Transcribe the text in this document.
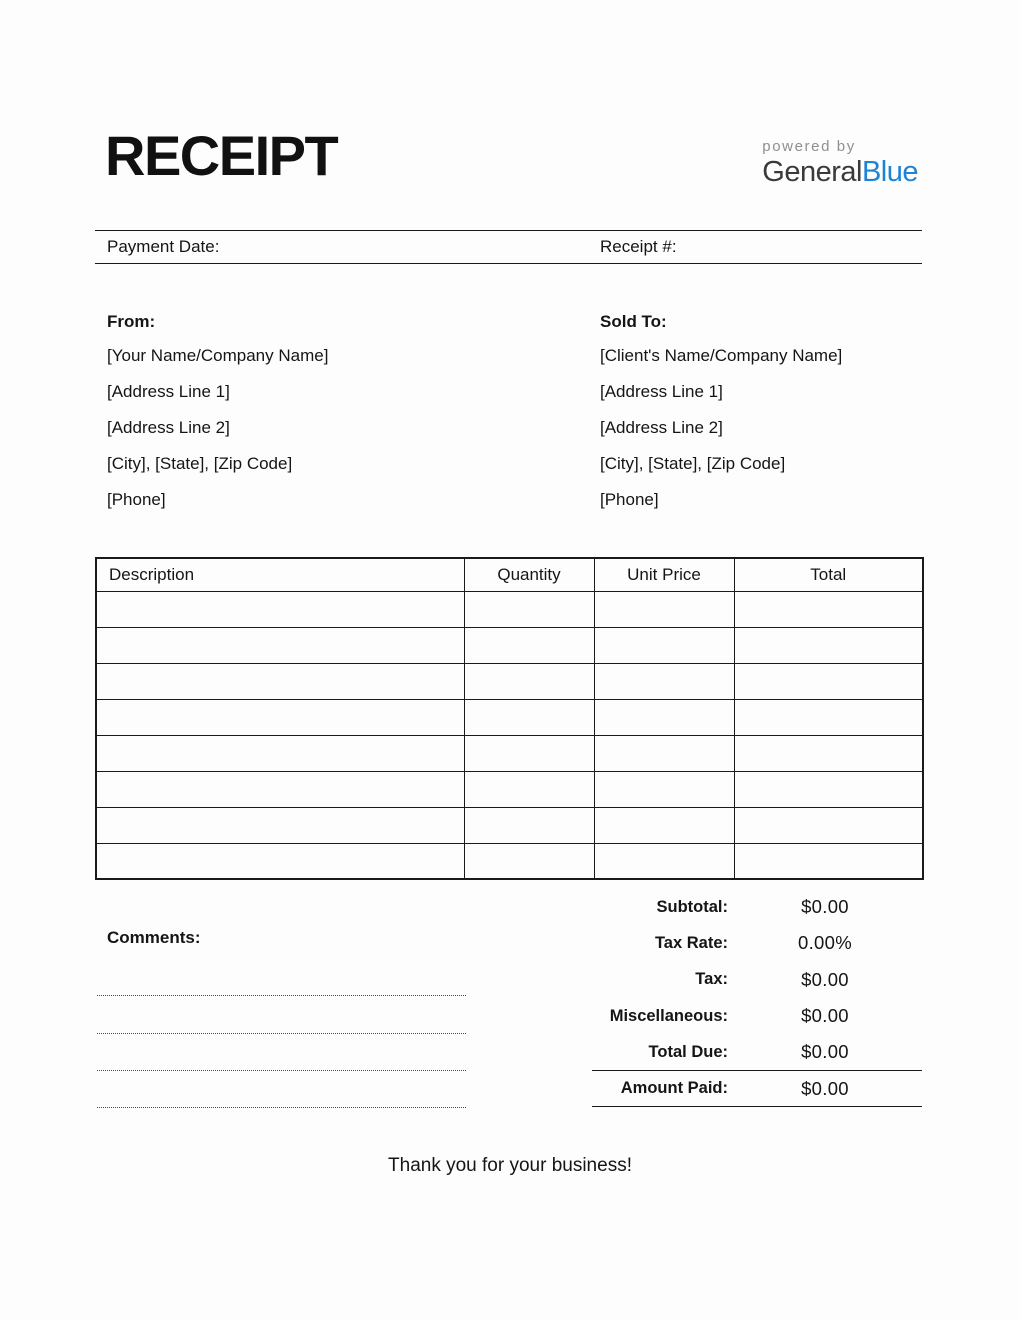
RECEIPT	powered by
GeneralBlue
Payment Date:	Receipt #:
From:
[Your Name/Company Name]
[Address Line 1]
[Address Line 2]
[City], [State], [Zip Code]
[Phone]
Sold To:
[Client's Name/Company Name]
[Address Line 1]
[Address Line 2]
[City], [State], [Zip Code]
[Phone]
Description	Quantity	Unit Price	Total

Subtotal:	$0.00
Tax Rate:	0.00%
Tax:	$0.00
Miscellaneous:	$0.00
Total Due:	$0.00
Amount Paid:	$0.00
Comments:
Thank you for your business!
